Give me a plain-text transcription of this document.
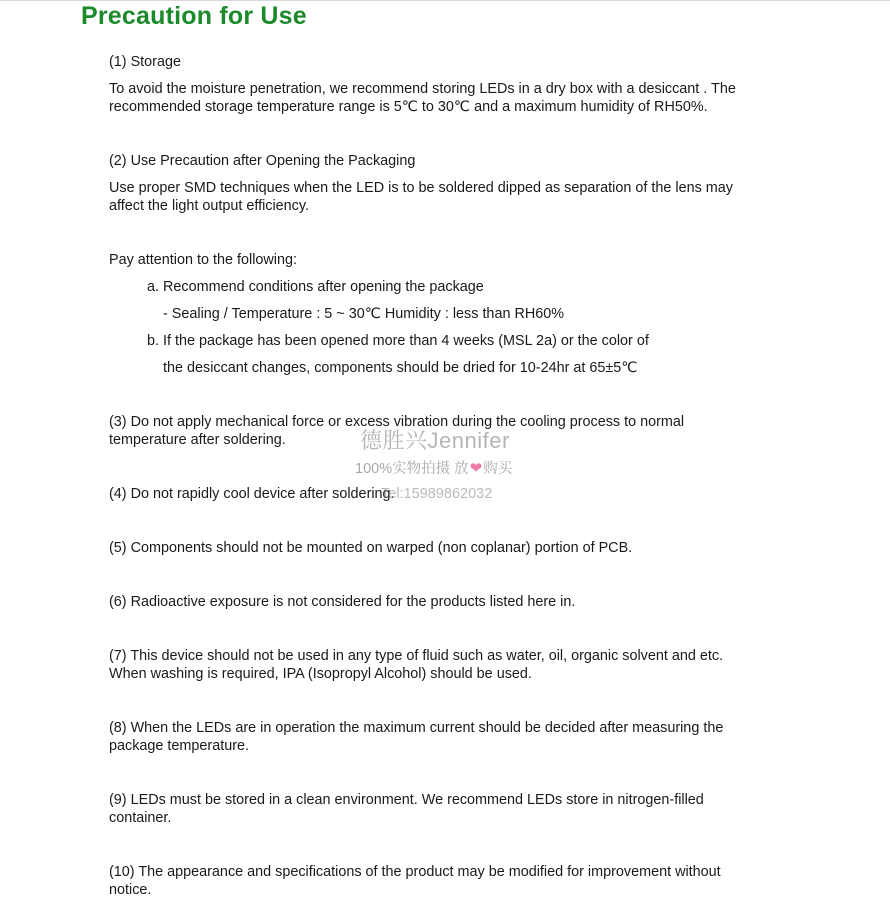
Precaution for Use
(1) Storage
To avoid the moisture penetration, we recommend storing LEDs in a dry box with a desiccant . The
recommended storage temperature range is 5℃ to 30℃ and a maximum humidity of RH50%.
(2) Use Precaution after Opening the Packaging
Use proper SMD techniques when the LED is to be soldered dipped as separation of the lens may
affect the light output efficiency.
Pay attention to the following:
a. Recommend conditions after opening the package
- Sealing / Temperature : 5 ~ 30℃ Humidity : less than RH60%
b. If the package has been opened more than 4 weeks (MSL 2a) or the color of
the desiccant changes, components should be dried for 10-24hr at 65±5℃
(3) Do not apply mechanical force or excess vibration during the cooling process to normal
temperature after soldering.
(4) Do not rapidly cool device after soldering.
(5) Components should not be mounted on warped (non coplanar) portion of PCB.
(6) Radioactive exposure is not considered for the products listed here in.
(7) This device should not be used in any type of fluid such as water, oil, organic solvent and etc.
When washing is required, IPA (Isopropyl Alcohol) should be used.
(8) When the LEDs are in operation the maximum current should be decided after measuring the
package temperature.
(9) LEDs must be stored in a clean environment. We recommend LEDs store in nitrogen-filled
container.
(10) The appearance and specifications of the product may be modified for improvement without
notice.
德胜兴Jennifer
100%实物拍摄 放❤购买
Tel:15989862032
